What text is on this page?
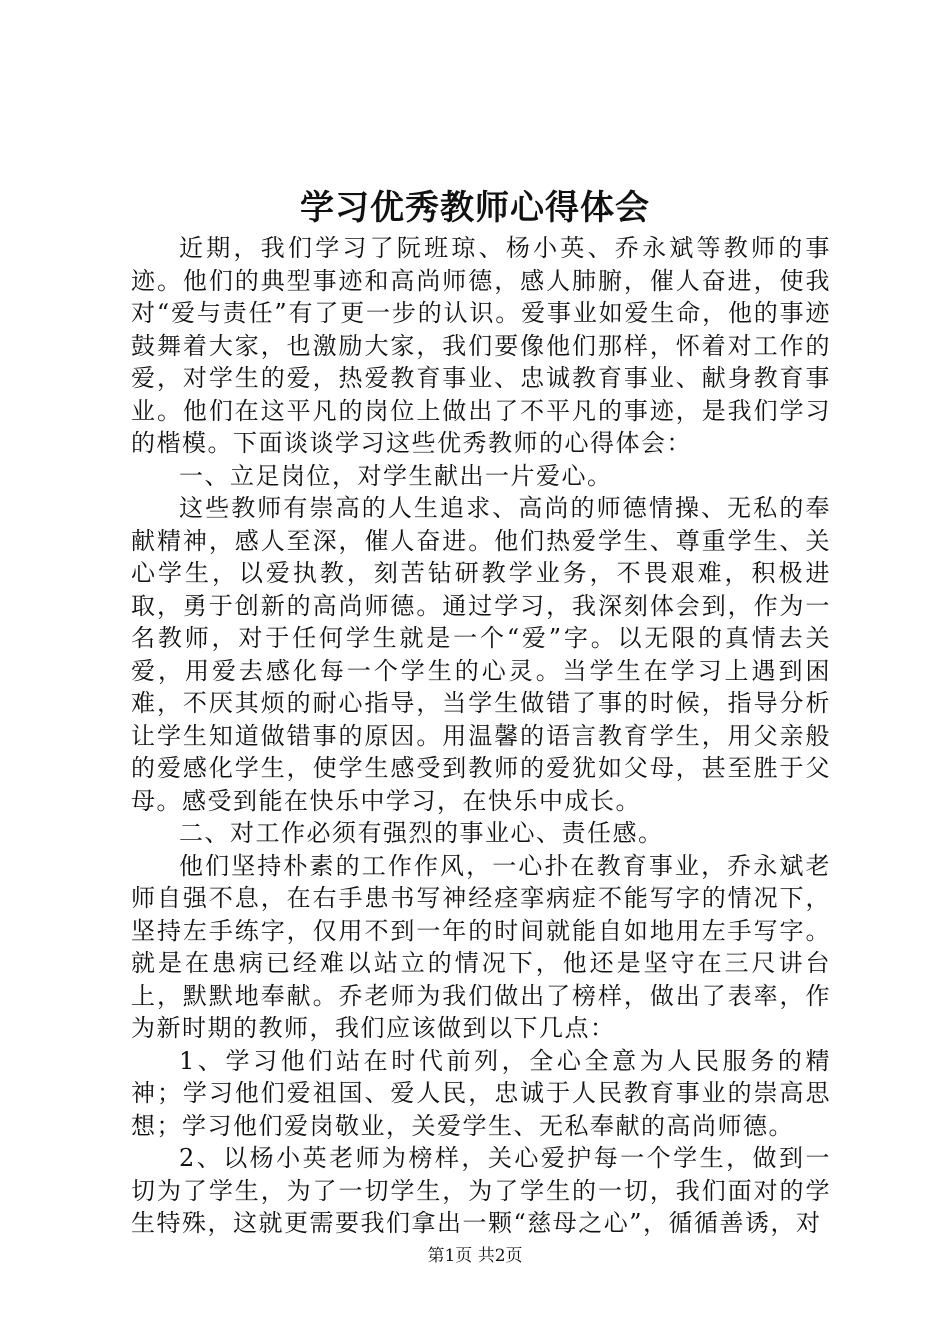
学习优秀教师心得体会

近期，我们学习了阮班琼、杨小英、乔永斌等教师的事迹。他们的典型事迹和高尚师德，感人肺腑，催人奋进，使我对“爱与责任”有了更一步的认识。爱事业如爱生命，他的事迹鼓舞着大家，也激励大家，我们要像他们那样，怀着对工作的爱，对学生的爱，热爱教育事业、忠诚教育事业、献身教育事业。他们在这平凡的岗位上做出了不平凡的事迹，是我们学习的楷模。下面谈谈学习这些优秀教师的心得体会：

一、立足岗位，对学生献出一片爱心。

这些教师有崇高的人生追求、高尚的师德情操、无私的奉献精神，感人至深，催人奋进。他们热爱学生、尊重学生、关心学生，以爱执教，刻苦钻研教学业务，不畏艰难，积极进取，勇于创新的高尚师德。通过学习，我深刻体会到，作为一名教师，对于任何学生就是一个“爱”字。以无限的真情去关爱，用爱去感化每一个学生的心灵。当学生在学习上遇到困难，不厌其烦的耐心指导，当学生做错了事的时候，指导分析让学生知道做错事的原因。用温馨的语言教育学生，用父亲般的爱感化学生，使学生感受到教师的爱犹如父母，甚至胜于父母。感受到能在快乐中学习，在快乐中成长。

二、对工作必须有强烈的事业心、责任感。

他们坚持朴素的工作作风，一心扑在教育事业，乔永斌老师自强不息，在右手患书写神经痉挛病症不能写字的情况下，坚持左手练字，仅用不到一年的时间就能自如地用左手写字。就是在患病已经难以站立的情况下，他还是坚守在三尺讲台上，默默地奉献。乔老师为我们做出了榜样，做出了表率，作为新时期的教师，我们应该做到以下几点：

1、学习他们站在时代前列，全心全意为人民服务的精神；学习他们爱祖国、爱人民，忠诚于人民教育事业的崇高思想；学习他们爱岗敬业，关爱学生、无私奉献的高尚师德。

2、以杨小英老师为榜样，关心爱护每一个学生，做到一切为了学生，为了一切学生，为了学生的一切，我们面对的学生特殊，这就更需要我们拿出一颗“慈母之心”，循循善诱，对

第1页 共2页
